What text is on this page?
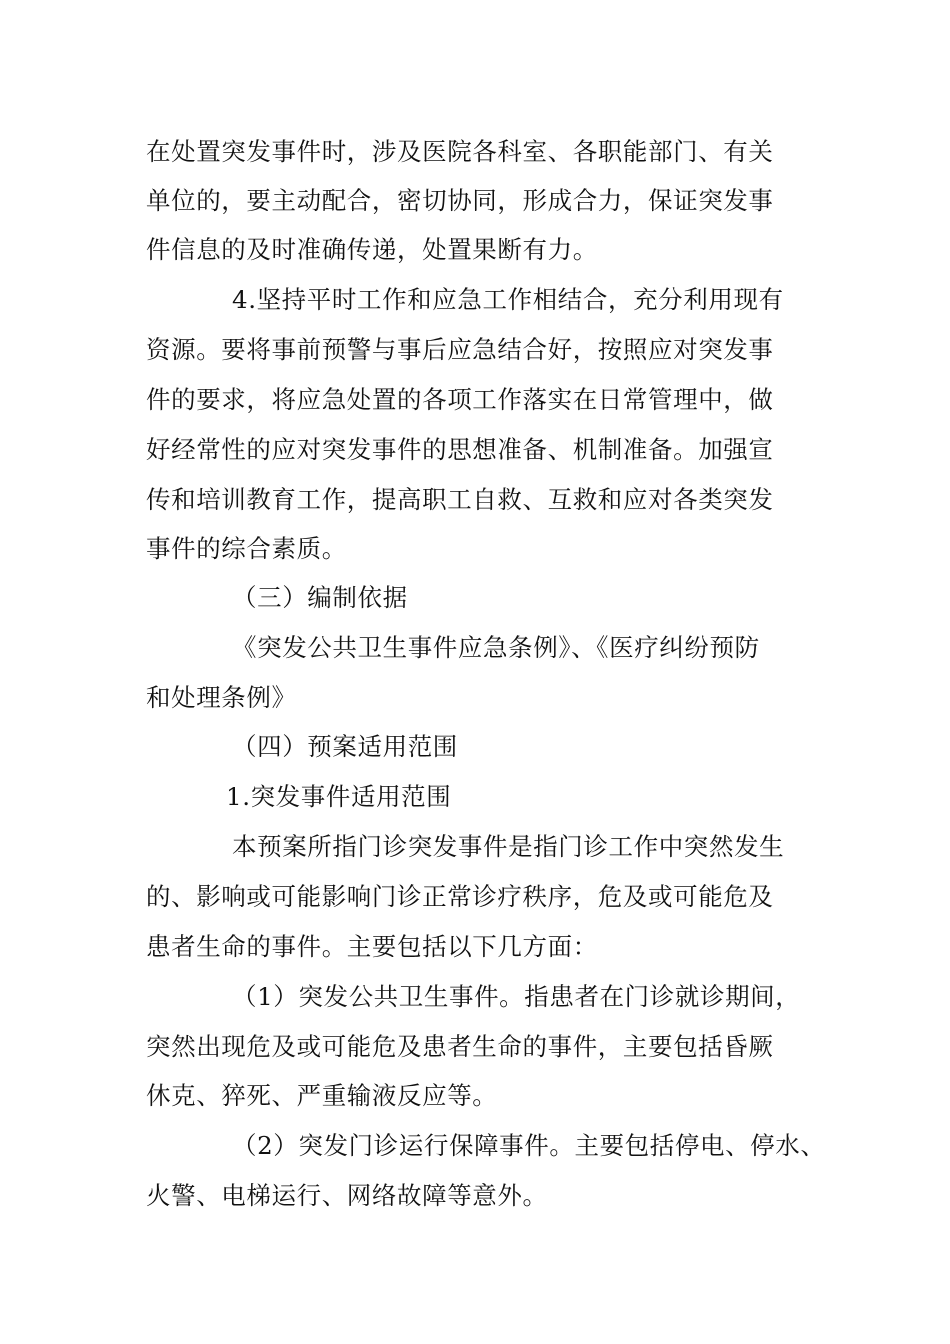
在处置突发事件时，涉及医院各科室、各职能部门、有关
单位的，要主动配合，密切协同，形成合力，保证突发事
件信息的及时准确传递，处置果断有力。
4.坚持平时工作和应急工作相结合，充分利用现有
资源。要将事前预警与事后应急结合好，按照应对突发事
件的要求，将应急处置的各项工作落实在日常管理中，做
好经常性的应对突发事件的思想准备、机制准备。加强宣
传和培训教育工作，提高职工自救、互救和应对各类突发
事件的综合素质。
（三）编制依据
《突发公共卫生事件应急条例》、《医疗纠纷预防
和处理条例》
（四）预案适用范围
1.突发事件适用范围
本预案所指门诊突发事件是指门诊工作中突然发生
的、影响或可能影响门诊正常诊疗秩序，危及或可能危及
患者生命的事件。主要包括以下几方面：
（1）突发公共卫生事件。指患者在门诊就诊期间，
突然出现危及或可能危及患者生命的事件，主要包括昏厥
休克、猝死、严重输液反应等。
（2）突发门诊运行保障事件。主要包括停电、停水、
火警、电梯运行、网络故障等意外。
